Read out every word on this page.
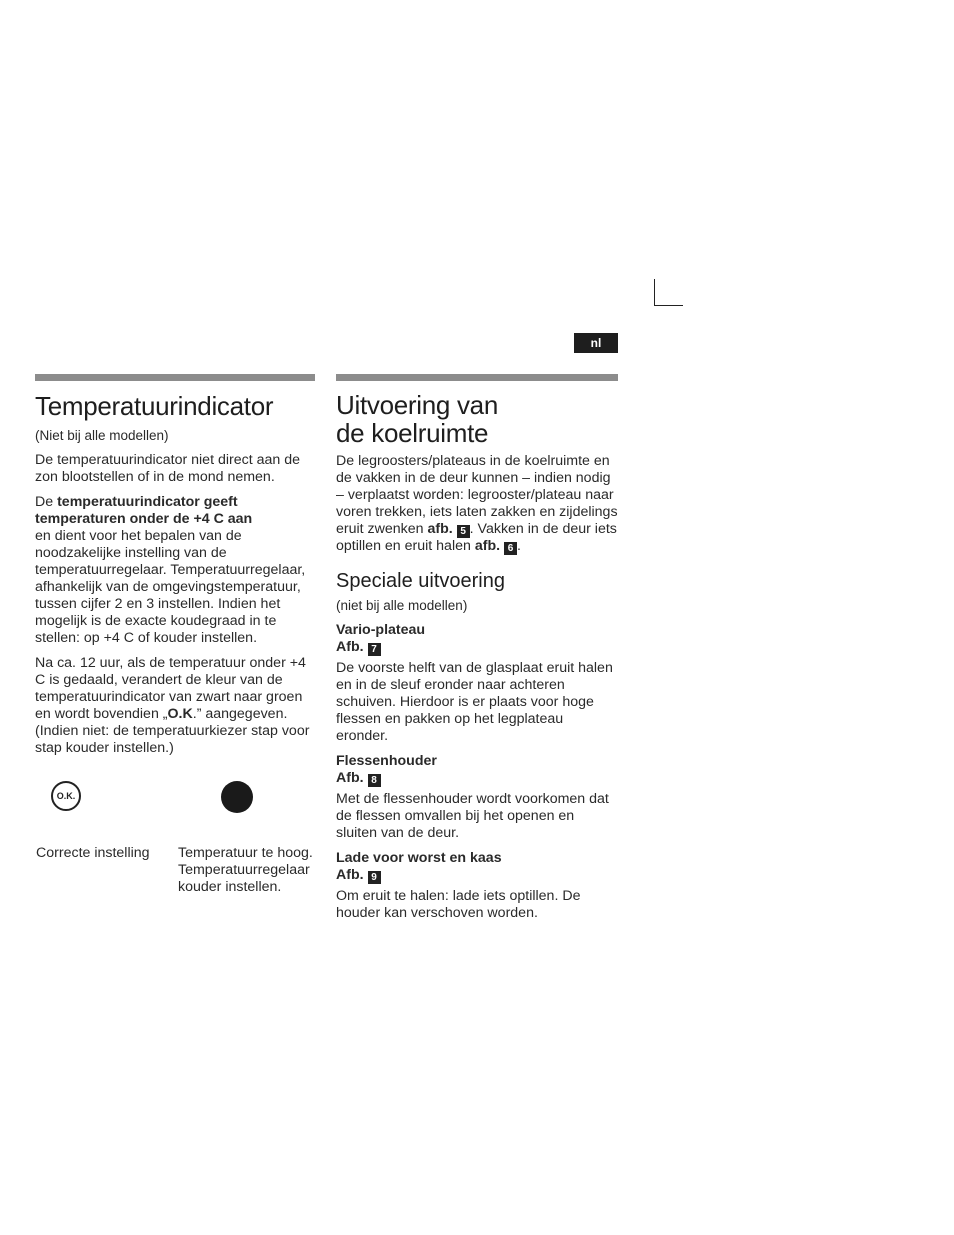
nl
Temperatuurindicator

(Niet bij alle modellen)

De temperatuurindicator niet direct aan de zon blootstellen of in de mond nemen.

De temperatuurindicator geeft temperaturen onder de +4 C aan
en dient voor het bepalen van de noodzakelijke instelling van de temperatuurregelaar. Temperatuurregelaar, afhankelijk van de omgevingstemperatuur, tussen cijfer 2 en 3 instellen. Indien het mogelijk is de exacte koudegraad in te stellen: op +4 C of kouder instellen.

Na ca. 12 uur, als de temperatuur onder +4 C is gedaald, verandert de kleur van de temperatuurindicator van zwart naar groen en wordt bovendien „O.K.” aangegeven. (Indien niet: de temperatuurkiezer stap voor stap kouder instellen.)

O.K.
Correcte instelling	Temperatuur te hoog. Temperatuurregelaar kouder instellen.
Uitvoering van
de koelruimte

De legroosters/plateaus in de koelruimte en de vakken in de deur kunnen – indien nodig – verplaatst worden: legrooster/plateau naar voren trekken, iets laten zakken en zijdelings eruit zwenken afb. 5 . Vakken in de deur iets optillen en eruit halen afb. 6 .

Speciale uitvoering

(niet bij alle modellen)

Vario-plateau
Afb. 7

De voorste helft van de glasplaat eruit halen en in de sleuf eronder naar achteren schuiven. Hierdoor is er plaats voor hoge flessen en pakken op het legplateau eronder.

Flessenhouder
Afb. 8

Met de flessenhouder wordt voorkomen dat de flessen omvallen bij het openen en sluiten van de deur.

Lade voor worst en kaas
Afb. 9

Om eruit te halen: lade iets optillen. De houder kan verschoven worden.
